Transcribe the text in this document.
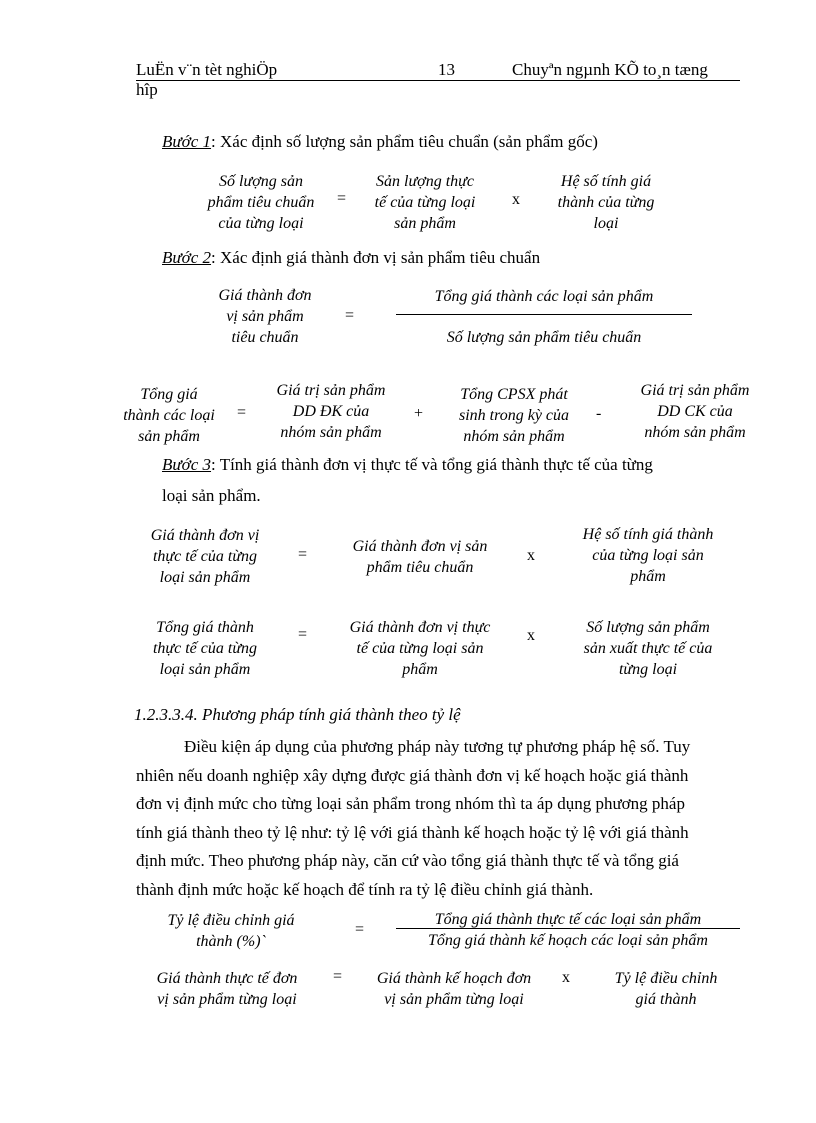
LuËn v¨n tèt nghiÖp	13	Chuyªn ngµnh KÕ to¸n tæng
hîp
Bước 1: Xác định số lượng sản phẩm tiêu chuẩn (sản phẩm gốc)
Số lượng sản
phẩm tiêu chuẩn
của từng loại
=
Sản lượng thực
tế của từng loại
sản phẩm
x
Hệ số tính giá
thành của từng
loại
Bước 2: Xác định giá thành đơn vị sản phẩm tiêu chuẩn
Giá thành đơn
vị sản phẩm
tiêu chuẩn
=
Tổng giá thành các loại sản phẩm
Số lượng sản phẩm tiêu chuẩn
Tổng giá
thành các loại
sản phẩm
=
Giá trị sản phẩm
DD ĐK của
nhóm sản phẩm
+
Tổng CPSX phát
sinh trong kỳ của
nhóm sản phẩm
-
Giá trị sản phẩm
DD CK của
nhóm sản phẩm
Bước 3: Tính giá thành đơn vị thực tế và tổng giá thành thực tế của từng
loại sản phẩm.
Giá thành đơn vị
thực tế của từng
loại sản phẩm
=	Giá thành đơn vị sản
phẩm tiêu chuẩn
x
Hệ số tính giá thành
của từng loại sản
phẩm
Tổng giá thành
thực tế của từng
loại sản phẩm
=	Giá thành đơn vị thực
tế của từng loại sản
phẩm
x	Số lượng sản phẩm
sản xuất thực tế của
từng loại
1.2.3.3.4. Phương pháp tính giá thành theo tỷ lệ

Điều kiện áp dụng của phương pháp này tương tự phương pháp hệ số. Tuy

nhiên nếu doanh nghiệp xây dựng được giá thành đơn vị kế hoạch hoặc giá thành

đơn vị định mức cho từng loại sản phẩm trong nhóm thì ta áp dụng phương pháp

tính giá thành theo tỷ lệ như: tỷ lệ với giá thành kế hoạch hoặc tỷ lệ với giá thành

định mức. Theo phương pháp này, căn cứ vào tổng giá thành thực tế và tổng giá

thành định mức hoặc kế hoạch để tính ra tỷ lệ điều chỉnh giá thành.

Tỷ lệ điều chỉnh giá
thành (%)`
=
Tổng giá thành thực tế các loại sản phẩm
Tổng giá thành kế hoạch các loại sản phẩm
Giá thành thực tế đơn
vị sản phẩm từng loại
=	Giá thành kế hoạch đơn
vị sản phẩm từng loại
x	Tỷ lệ điều chỉnh
giá thành
